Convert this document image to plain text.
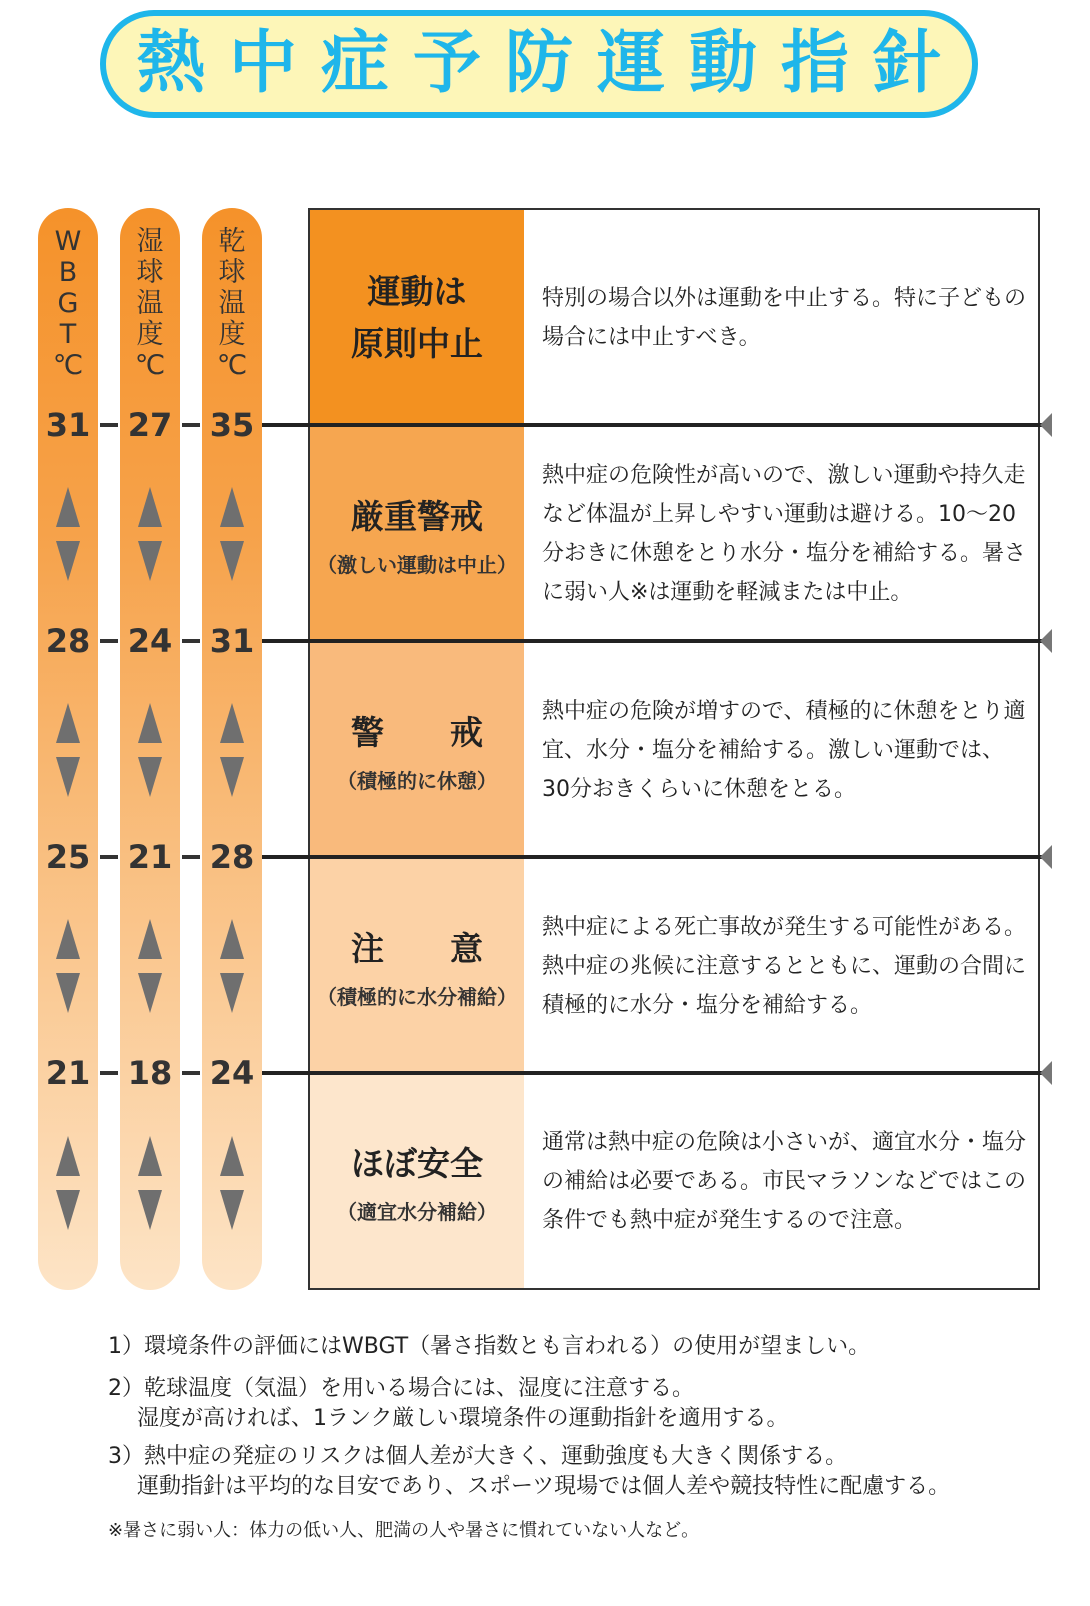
熱中症予防運動指針
W
B
G
T
℃
湿
球
温
度
℃
乾
球
温
度
℃
運動は
原則中止
特別の場合以外は運動を中止する。特に子どもの場合には中止すべき。
厳重警戒
（激しい運動は中止）
熱中症の危険性が高いので、激しい運動や持久走など体温が上昇しやすい運動は避ける。10〜20分おきに休憩をとり水分・塩分を補給する。暑さに弱い人※は運動を軽減または中止。
警　　戒
（積極的に休憩）
熱中症の危険が増すので、積極的に休憩をとり適宜、水分・塩分を補給する。激しい運動では、30分おきくらいに休憩をとる。
注　　意
（積極的に水分補給）
熱中症による死亡事故が発生する可能性がある。熱中症の兆候に注意するとともに、運動の合間に積極的に水分・塩分を補給する。
ほぼ安全
（適宜水分補給）
通常は熱中症の危険は小さいが、適宜水分・塩分の補給は必要である。市民マラソンなどではこの条件でも熱中症が発生するので注意。
31
28
25
21
27
24
21
18
35
31
28
24
1）環境条件の評価にはWBGT（暑さ指数とも言われる）の使用が望ましい。
2）乾球温度（気温）を用いる場合には、湿度に注意する。
　 湿度が高ければ、1ランク厳しい環境条件の運動指針を適用する。
3）熱中症の発症のリスクは個人差が大きく、運動強度も大きく関係する。
　 運動指針は平均的な目安であり、スポーツ現場では個人差や競技特性に配慮する。
※暑さに弱い人：体力の低い人、肥満の人や暑さに慣れていない人など。
